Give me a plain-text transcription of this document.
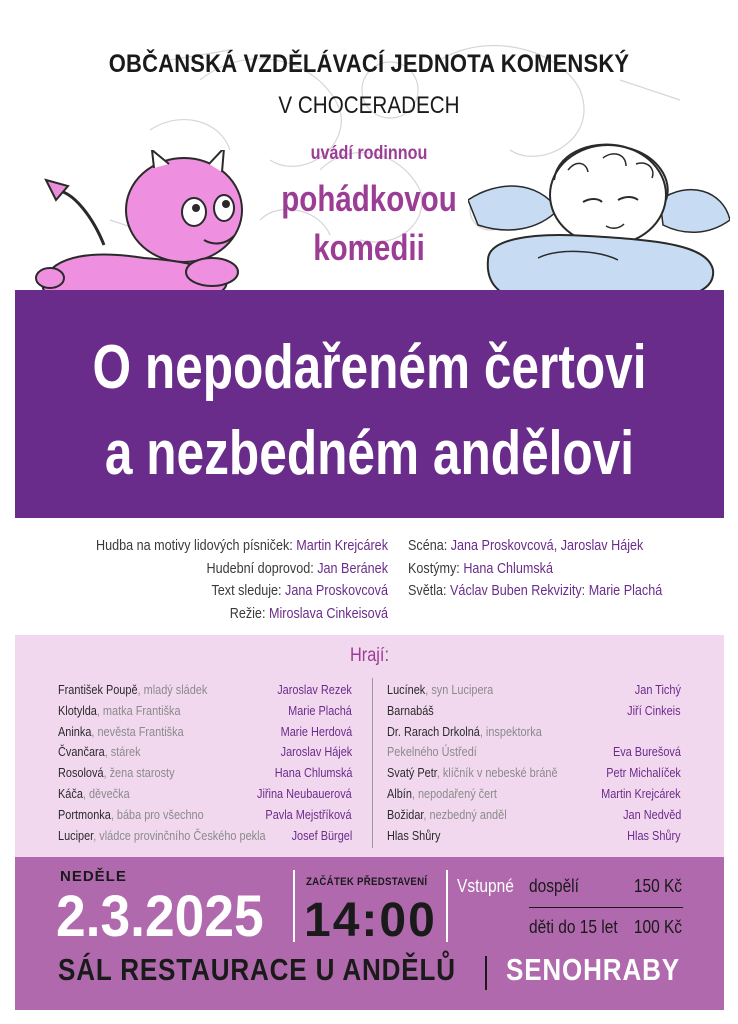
OBČANSKÁ VZDĚLÁVACÍ JEDNOTA KOMENSKÝ
V CHOCERADECH
uvádí rodinnou
pohádkovou
komedii
O nepodařeném čertovi
a nezbedném andělovi
Hudba na motivy lidových písniček: Martin Krejcárek
Hudební doprovod: Jan Beránek
Text sleduje: Jana Proskovcová
Režie: Miroslava Cinkeisová
Scéna: Jana Proskovcová, Jaroslav Hájek
Kostýmy: Hana Chlumská
Světla: Václav Buben Rekvizity: Marie Plachá
Hrají:
František Poupě, mladý sládek	Jaroslav Rezek
Klotylda, matka Františka	Marie Plachá
Aninka, nevěsta Františka	Marie Herdová
Čvančara, stárek	Jaroslav Hájek
Rosolová, žena starosty	Hana Chlumská
Káča, děvečka	Jiřina Neubauerová
Portmonka, bába pro všechno	Pavla Mejstříková
Luciper, vládce provinčního Českého pekla Josef Bürgel
Lucínek, syn Lucipera	Jan Tichý
Barnabáš	Jiří Cinkeis
Dr. Rarach Drkolná, inspektorka
Pekelného Ústředí	Eva Burešová
Svatý Petr, klíčník v nebeské bráně	Petr Michalíček
Albín, nepodařený čert	Martin Krejcárek
Božidar, nezbedný anděl	Jan Nedvěd
Hlas Shůry	Hlas Shůry
NEDĚLE
2.3.2025
ZAČÁTEK PŘEDSTAVENÍ
14:00
Vstupné dospělí	150 Kč
děti do 15 let 100 Kč
SÁL RESTAURACE U ANDĚLŮ SENOHRABY
